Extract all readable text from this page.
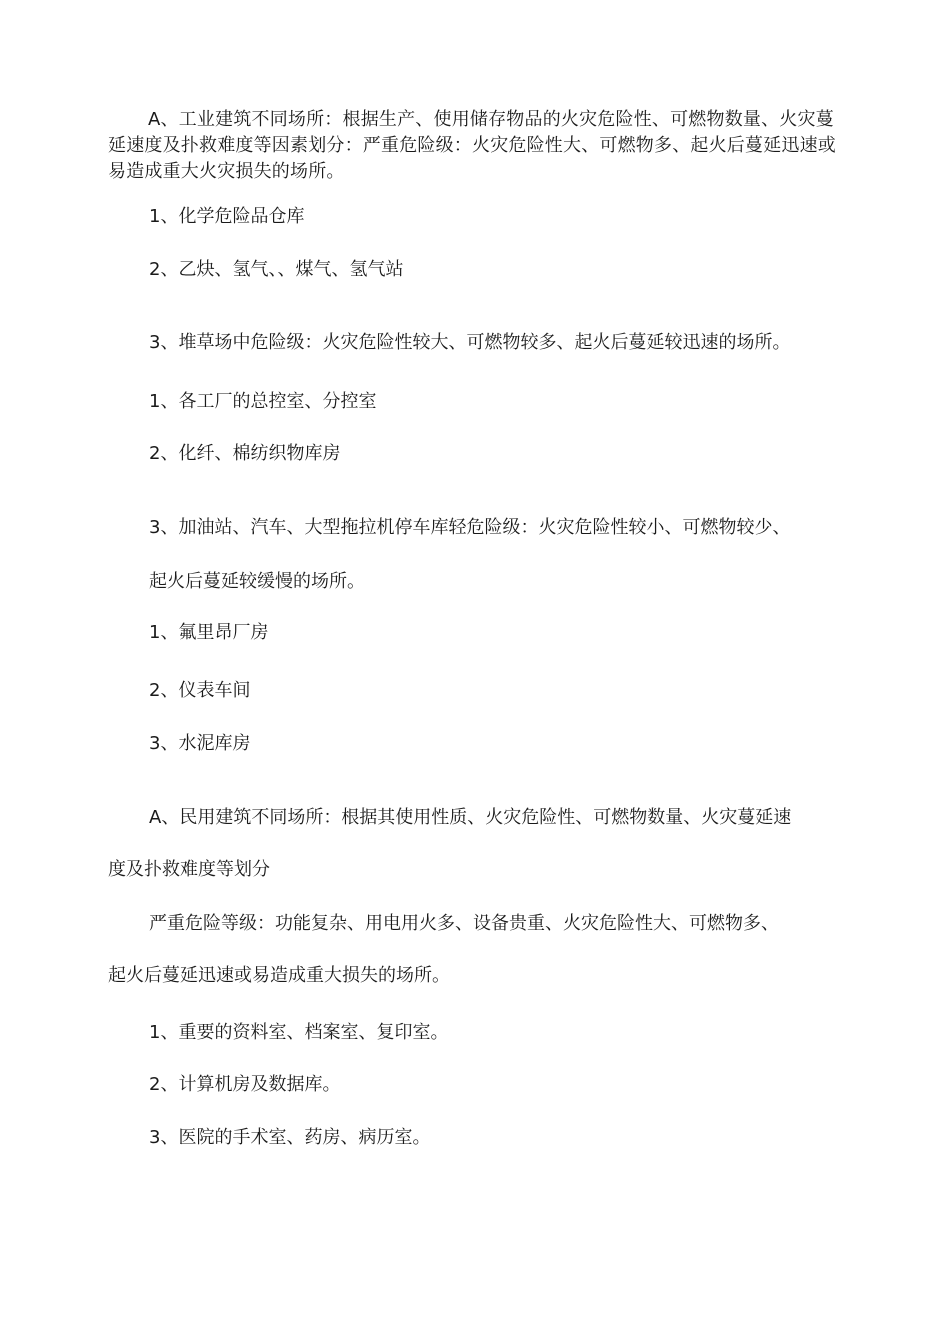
A、工业建筑不同场所：根据生产、使用储存物品的火灾危险性、可燃物数量、火灾蔓延速度及扑救难度等因素划分：严重危险级：火灾危险性大、可燃物多、起火后蔓延迅速或易造成重大火灾损失的场所。

1、化学危险品仓库

2、乙炔、氢气、、煤气、氢气站

3、堆草场中危险级：火灾危险性较大、可燃物较多、起火后蔓延较迅速的场所。

1、各工厂的总控室、分控室

2、化纤、棉纺织物库房

3、加油站、汽车、大型拖拉机停车库轻危险级：火灾危险性较小、可燃物较少、

起火后蔓延较缓慢的场所。

1、氟里昂厂房

2、仪表车间

3、水泥库房

A、民用建筑不同场所：根据其使用性质、火灾危险性、可燃物数量、火灾蔓延速

度及扑救难度等划分

严重危险等级：功能复杂、用电用火多、设备贵重、火灾危险性大、可燃物多、

起火后蔓延迅速或易造成重大损失的场所。

1、重要的资料室、档案室、复印室。

2、计算机房及数据库。

3、医院的手术室、药房、病历室。
